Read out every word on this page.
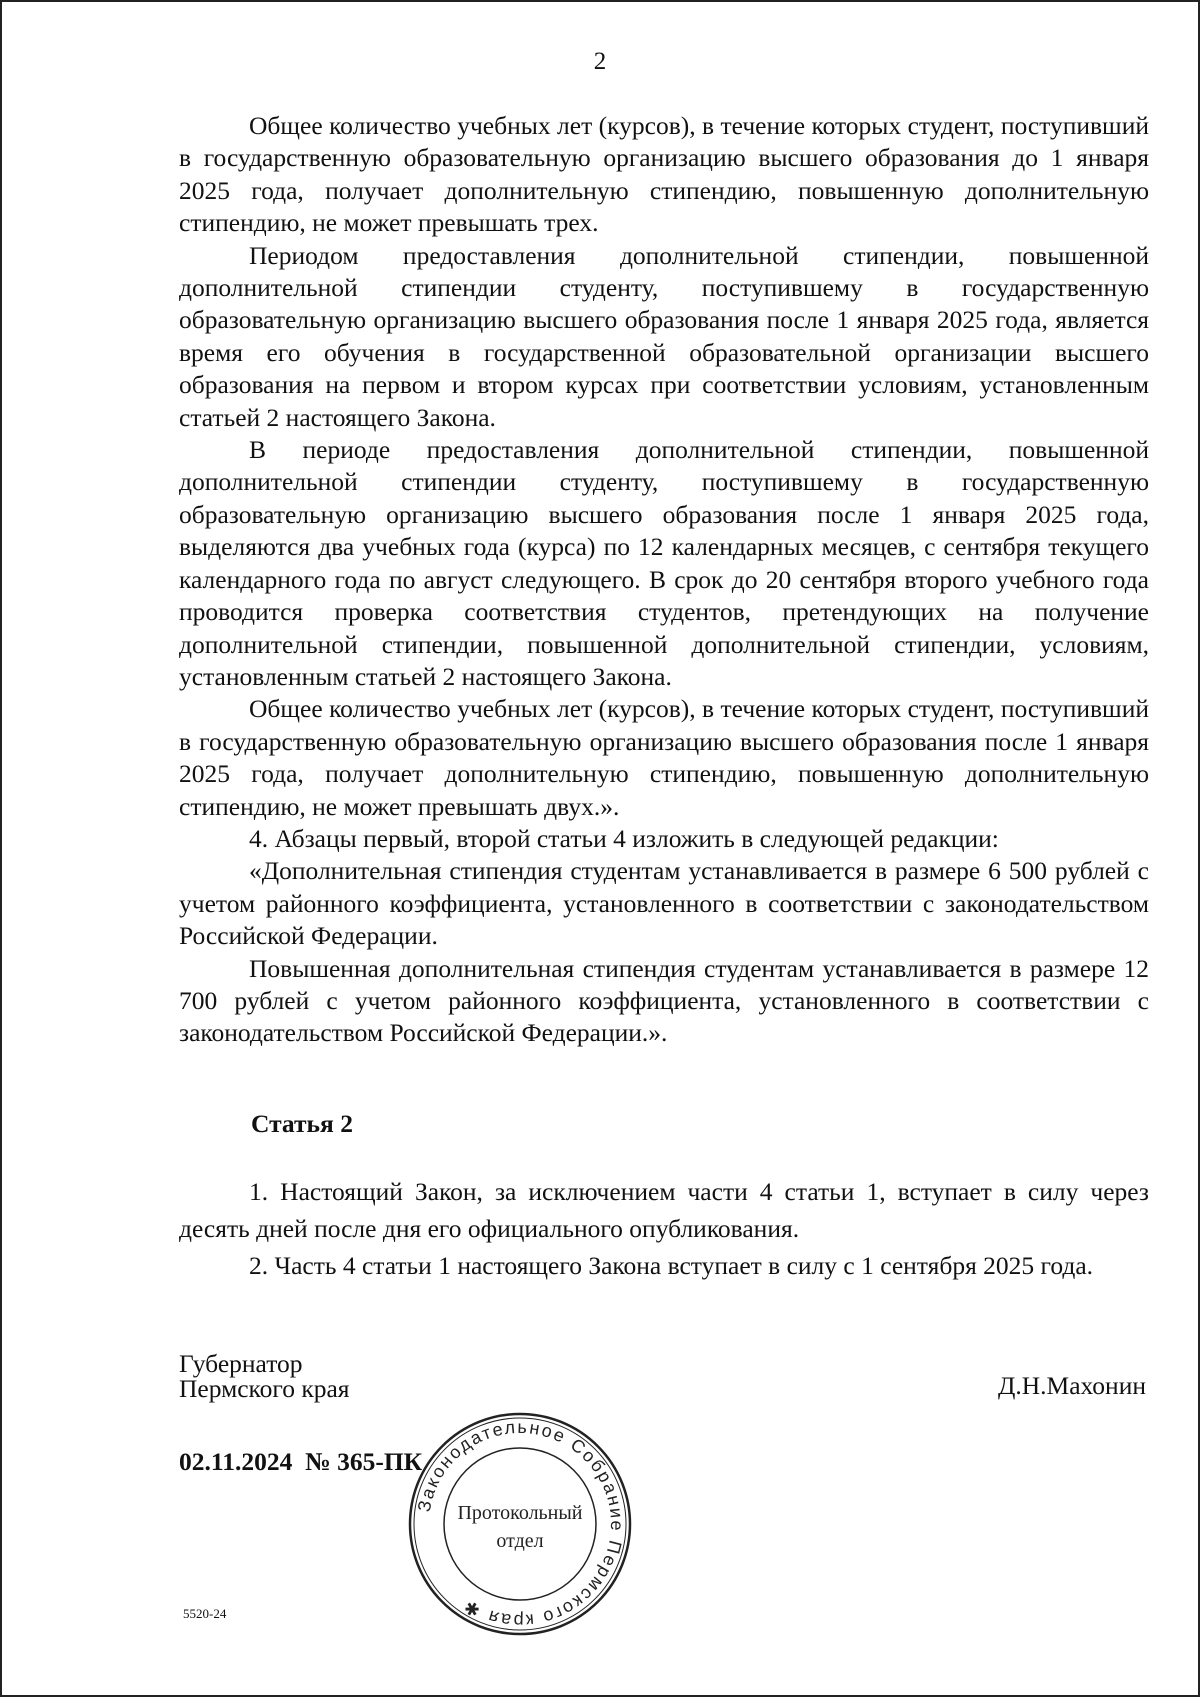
2

Общее количество учебных лет (курсов), в течение которых студент, поступивший в государственную образовательную организацию высшего образования до 1 января 2025 года, получает дополнительную стипендию, повышенную дополнительную стипендию, не может превышать трех.

Периодом предоставления дополнительной стипендии, повышенной дополнительной стипендии студенту, поступившему в государственную образовательную организацию высшего образования после 1 января 2025 года, является время его обучения в государственной образовательной организации высшего образования на первом и втором курсах при соответствии условиям, установленным статьей 2 настоящего Закона.

В периоде предоставления дополнительной стипендии, повышенной дополнительной стипендии студенту, поступившему в государственную образовательную организацию высшего образования после 1 января 2025 года, выделяются два учебных года (курса) по 12 календарных месяцев, с сентября текущего календарного года по август следующего. В срок до 20 сентября второго учебного года проводится проверка соответствия студентов, претендующих на получение дополнительной стипендии, повышенной дополнительной стипендии, условиям, установленным статьей 2 настоящего Закона.

Общее количество учебных лет (курсов), в течение которых студент, поступивший в государственную образовательную организацию высшего образования после 1 января 2025 года, получает дополнительную стипендию, повышенную дополнительную стипендию, не может превышать двух.».

4. Абзацы первый, второй статьи 4 изложить в следующей редакции:

«Дополнительная стипендия студентам устанавливается в размере 6 500 рублей с учетом районного коэффициента, установленного в соответствии с законодательством Российской Федерации.

Повышенная дополнительная стипендия студентам устанавливается в размере 12 700 рублей с учетом районного коэффициента, установленного в соответствии с законодательством Российской Федерации.».

Статья 2

1. Настоящий Закон, за исключением части 4 статьи 1, вступает в силу через десять дней после дня его официального опубликования.

2. Часть 4 статьи 1 настоящего Закона вступает в силу с 1 сентября 2025 года.

Губернатор
Пермского края	Д.Н.Махонин
02.11.2024  № 365-ПК
5520-24
Законодательное Собрание Пермского края ✱
Протокольный
отдел
